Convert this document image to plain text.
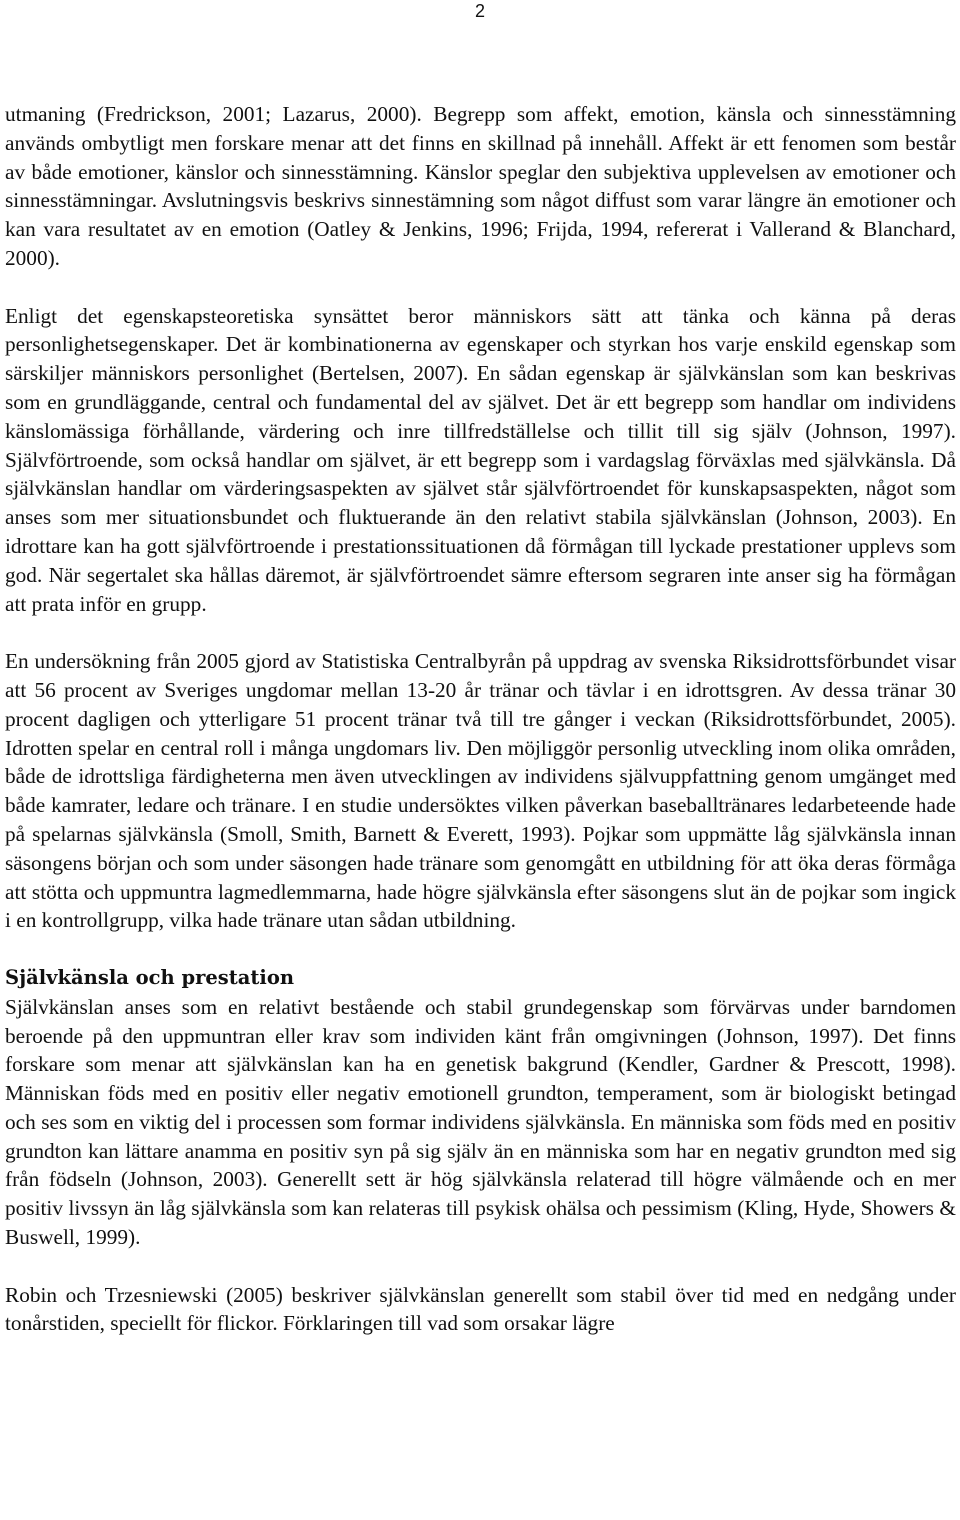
2

utmaning (Fredrickson, 2001; Lazarus, 2000). Begrepp som affekt, emotion, känsla och sinnesstämning används ombytligt men forskare menar att det finns en skillnad på innehåll. Affekt är ett fenomen som består av både emotioner, känslor och sinnesstämning. Känslor speglar den subjektiva upplevelsen av emotioner och sinnesstämningar. Avslutningsvis beskrivs sinnestämning som något diffust som varar längre än emotioner och kan vara resultatet av en emotion (Oatley & Jenkins, 1996; Frijda, 1994, refererat i Vallerand & Blanchard, 2000).

Enligt det egenskapsteoretiska synsättet beror människors sätt att tänka och känna på deras personlighetsegenskaper. Det är kombinationerna av egenskaper och styrkan hos varje enskild egenskap som särskiljer människors personlighet (Bertelsen, 2007). En sådan egenskap är självkänslan som kan beskrivas som en grundläggande, central och fundamental del av självet. Det är ett begrepp som handlar om individens känslomässiga förhållande, värdering och inre tillfredställelse och tillit till sig själv (Johnson, 1997). Självförtroende, som också handlar om självet, är ett begrepp som i vardagslag förväxlas med självkänsla. Då självkänslan handlar om värderingsaspekten av självet står självförtroendet för kunskapsaspekten, något som anses som mer situationsbundet och fluktuerande än den relativt stabila självkänslan (Johnson, 2003). En idrottare kan ha gott självförtroende i prestationssituationen då förmågan till lyckade prestationer upplevs som god. När segertalet ska hållas däremot, är självförtroendet sämre eftersom segraren inte anser sig ha förmågan att prata inför en grupp.

En undersökning från 2005 gjord av Statistiska Centralbyrån på uppdrag av svenska Riksidrottsförbundet visar att 56 procent av Sveriges ungdomar mellan 13-20 år tränar och tävlar i en idrottsgren. Av dessa tränar 30 procent dagligen och ytterligare 51 procent tränar två till tre gånger i veckan (Riksidrottsförbundet, 2005). Idrotten spelar en central roll i många ungdomars liv. Den möjliggör personlig utveckling inom olika områden, både de idrottsliga färdigheterna men även utvecklingen av individens självuppfattning genom umgänget med både kamrater, ledare och tränare. I en studie undersöktes vilken påverkan baseballtränares ledarbeteende hade på spelarnas självkänsla (Smoll, Smith, Barnett & Everett, 1993). Pojkar som uppmätte låg självkänsla innan säsongens början och som under säsongen hade tränare som genomgått en utbildning för att öka deras förmåga att stötta och uppmuntra lagmedlemmarna, hade högre självkänsla efter säsongens slut än de pojkar som ingick i en kontrollgrupp, vilka hade tränare utan sådan utbildning.

Självkänsla och prestation

Självkänslan anses som en relativt bestående och stabil grundegenskap som förvärvas under barndomen beroende på den uppmuntran eller krav som individen känt från omgivningen (Johnson, 1997). Det finns forskare som menar att självkänslan kan ha en genetisk bakgrund (Kendler, Gardner & Prescott, 1998). Människan föds med en positiv eller negativ emotionell grundton, temperament, som är biologiskt betingad och ses som en viktig del i processen som formar individens självkänsla. En människa som föds med en positiv grundton kan lättare anamma en positiv syn på sig själv än en människa som har en negativ grundton med sig från födseln (Johnson, 2003). Generellt sett är hög självkänsla relaterad till högre välmående och en mer positiv livssyn än låg självkänsla som kan relateras till psykisk ohälsa och pessimism (Kling, Hyde, Showers & Buswell, 1999).

Robin och Trzesniewski (2005) beskriver självkänslan generellt som stabil över tid med en nedgång under tonårstiden, speciellt för flickor. Förklaringen till vad som orsakar lägre
